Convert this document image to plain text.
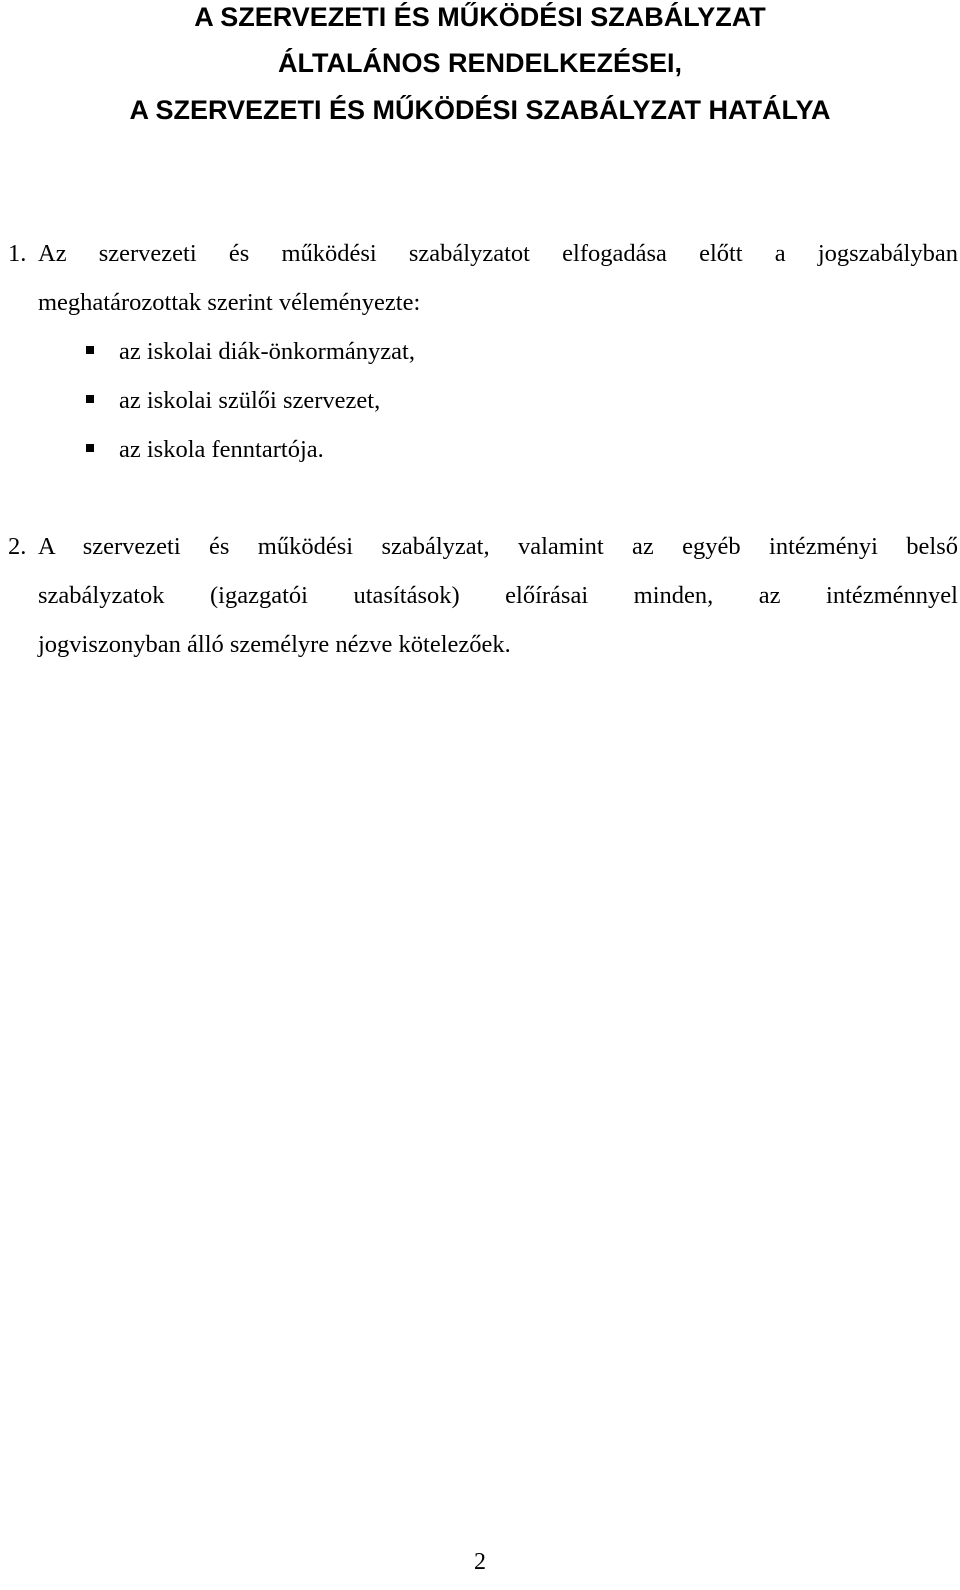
A SZERVEZETI ÉS MŰKÖDÉSI SZABÁLYZAT
ÁLTALÁNOS RENDELKEZÉSEI,
A SZERVEZETI ÉS MŰKÖDÉSI SZABÁLYZAT HATÁLYA
1. Az szervezeti és működési szabályzatot elfogadása előtt a jogszabályban
meghatározottak szerint véleményezte:
az iskolai diák-önkormányzat,
az iskolai szülői szervezet,
az iskola fenntartója.
2. A szervezeti és működési szabályzat, valamint az egyéb intézményi belső
szabályzatok (igazgatói utasítások) előírásai minden, az intézménnyel
jogviszonyban álló személyre nézve kötelezőek.
2
